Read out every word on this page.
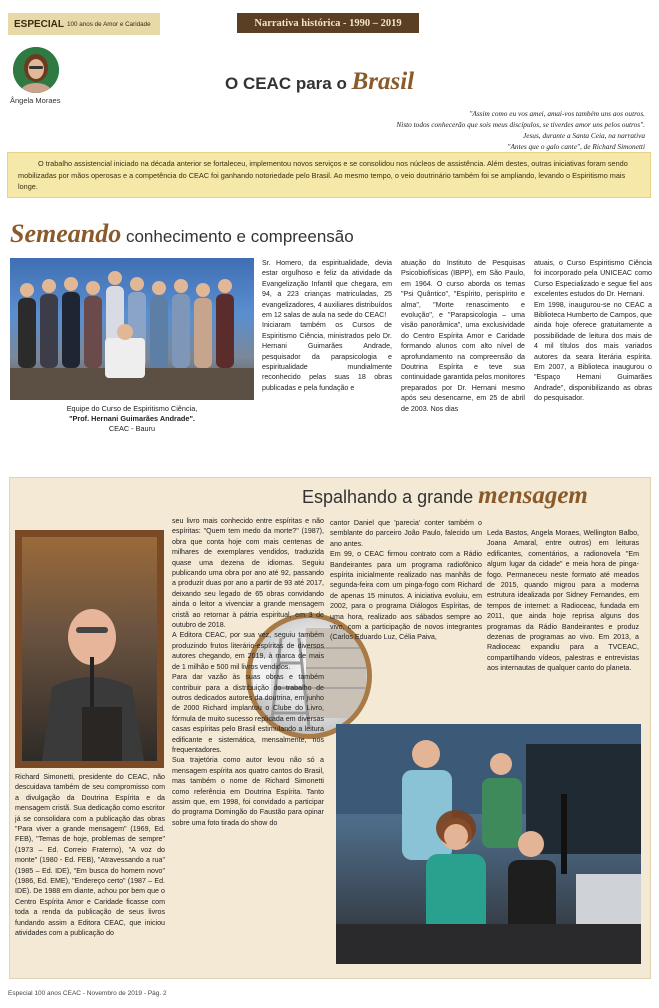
ESPECIAL 100 anos de Amor e Caridade	Narrativa histórica - 1990 – 2019
Ângela Moraes
O CEAC para o Brasil
"Assim como eu vos amei, amai-vos também uns aos outros.
Nisto todos conhecerão que sois meus discípulos, se tiverdes amor uns pelos outros".
Jesus, durante a Santa Ceia, na narrativa
"Antes que o galo cante", de Richard Simonetti
O trabalho assistencial iniciado na década anterior se fortaleceu, implementou novos serviços e se consolidou nos núcleos de assistência. Além destes, outras iniciativas foram sendo mobilizadas por mãos operosas e a competência do CEAC foi ganhando notoriedade pelo Brasil. Ao mesmo tempo, o veio doutrinário também foi se ampliando, levando o Espiritismo mais longe.
Semeando conhecimento e compreensão
Equipe do Curso de Espiritismo Ciência,
"Prof. Hernani Guimarães Andrade".
CEAC - Bauru
Sr. Homero, da espiritualidade, devia estar orgulhoso e feliz da atividade da Evangelização Infantil que chegara, em 94, a 223 crianças matriculadas, 25 evangelizadores, 4 auxiliares distribuídos em 12 salas de aula na sede do CEAC!
Iniciaram também os Cursos de Espiritismo Ciência, ministrados pelo Dr. Hernani Guimarães Andrade, pesquisador da parapsicologia e espiritualidade mundialmente reconhecido pelas suas 18 obras publicadas e pela fundação e
atuação do Instituto de Pesquisas Psicobiofísicas (IBPP), em São Paulo, em 1964. O curso aborda os temas "Psi Quântico", "Espírito, perispírito e alma", "Morte renascimento e evolução", e "Parapsicologia – uma visão panorâmica", uma exclusividade do Centro Espírita Amor e Caridade formando alunos com alto nível de aprofundamento na compreensão da Doutrina Espírita e teve sua continuidade garantida pelos monitores preparados por Dr. Hernani mesmo após seu desencarne, em 25 de abril de 2003. Nos dias
atuais, o Curso Espiritismo Ciência foi incorporado pela UNICEAC como Curso Especializado e segue fiel aos excelentes estudos do Dr. Hernani.
Em 1998, inaugurou-se no CEAC a Biblioteca Humberto de Campos, que ainda hoje oferece gratuitamente a possibilidade de leitura dos mais de 4 mil títulos dos mais variados autores da seara literária espírita. Em 2007, a Biblioteca inaugurou o "Espaço Hemani Guimarães Andrade", disponibilizando as obras do pesquisador.
Espalhando a grande mensagem
Richard Simonetti, presidente do CEAC, não descuidava também de seu compromisso com a divulgação da Doutrina Espírita e da mensagem cristã. Sua dedicação como escritor já se consolidara com a publicação das obras "Para viver a grande mensagem" (1969, Ed. FEB), "Temas de hoje, problemas de sempre" (1973 – Ed. Correio Fraterno), "A voz do monte" (1980 - Ed. FEB), "Atravessando a rua" (1985 – Ed. IDE), "Em busca do homem novo" (1986, Ed. EME), "Endereço certo" (1987 – Ed. IDE). De 1988 em diante, achou por bem que o Centro Espírita Amor e Caridade ficasse com toda a renda da publicação de seus livros fundando assim a Editora CEAC, que iniciou atividades com a publicação do
seu livro mais conhecido entre espíritas e não espíritas: "Quem tem medo da morte?" (1987), obra que conta hoje com mais centenas de milhares de exemplares vendidos, traduzida quase uma dezena de idiomas. Seguiu publicando uma obra por ano até 92, passando a produzir duas por ano a partir de 93 até 2017, deixando seu legado de 65 obras convidando ainda o leitor a vivenciar a grande mensagem cristã ao retornar à pátria espiritual, em 3 de outubro de 2018.
A Editora CEAC, por sua vez, seguiu também produzindo frutos literário-espíritas de diversos autores chegando, em 2019, à marca de mais de 1 milhão e 500 mil livros vendidos.
Para dar vazão às suas obras e também contribuir para a distribuição do trabalho de outros dedicados autores da doutrina, em junho de 2000 Richard implantou o Clube do Livro, fórmula de muito sucesso replicada em diversas casas espíritas pelo Brasil estimulando a leitura edificante e sistemática, mensalmente, nos frequentadores.
Sua trajetória como autor levou não só a mensagem espírita aos quatro cantos do Brasil, mas também o nome de Richard Simonetti como referência em Doutrina Espírita. Tanto assim que, em 1998, foi convidado a participar do programa Domingão do Faustão para opinar sobre uma foto tirada do show do
cantor Daniel que 'parecia' conter também o semblante do parceiro João Paulo, falecido um ano antes.
Em 99, o CEAC firmou contrato com a Rádio Bandeirantes para um programa radiofônico espírita inicialmente realizado nas manhãs de segunda-feira com um pinga-fogo com Richard de apenas 15 minutos. A iniciativa evoluiu, em 2002, para o programa Diálogos Espíritas, de uma hora, realizado aos sábados sempre ao vivo, com a participação de novos integrantes (Carlos Eduardo Luz, Célia Paiva,
Leda Bastos, Angela Moraes, Wellington Balbo, Joana Amaral, entre outros) em leituras edificantes, comentários, a radionovela "Em algum lugar da cidade" e meia hora de pinga-fogo. Permaneceu neste formato até meados de 2015, quando migrou para a moderna estrutura idealizada por Sidney Fernandes, em tempos de internet: a Radioceac, fundada em 2011, que ainda hoje reprisa alguns dos programas da Rádio Bandeirantes e produz dezenas de programas ao vivo. Em 2013, a Radioceac expandiu para a TVCEAC, compartilhando vídeos, palestras e entrevistas aos internautas de qualquer canto do planeta.
Especial 100 anos CEAC - Novembro de 2019 - Pág. 2
